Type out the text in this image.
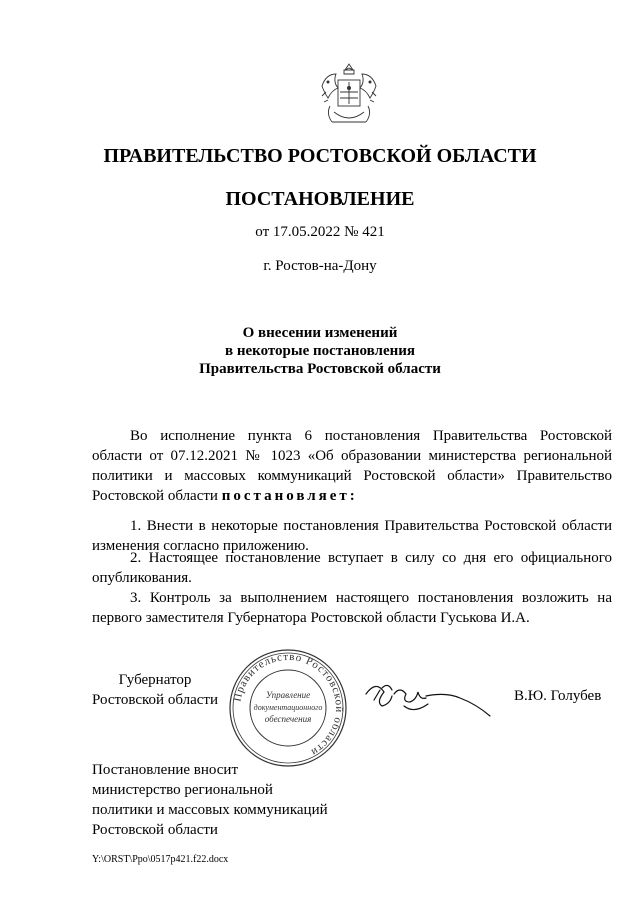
ПРАВИТЕЛЬСТВО РОСТОВСКОЙ ОБЛАСТИ
ПОСТАНОВЛЕНИЕ
от 17.05.2022 № 421
г. Ростов-на-Дону
О внесении изменений
в некоторые постановления
Правительства Ростовской области
Во исполнение пункта 6 постановления Правительства Ростовской области от 07.12.2021 № 1023 «Об образовании министерства региональной политики и массовых коммуникаций Ростовской области» Правительство Ростовской области постановляет:
1. Внести в некоторые постановления Правительства Ростовской области изменения согласно приложению.
2. Настоящее постановление вступает в силу со дня его официального опубликования.
3. Контроль за выполнением настоящего постановления возложить на первого заместителя Губернатора Ростовской области Гуськова И.А.
Губернатор
Ростовской области Правительство Ростовской области
Управление
документационного
обеспечения
В.Ю. Голубев
Постановление вносит
министерство региональной
политики и массовых коммуникаций
Ростовской области
Y:\ORST\Ppo\0517p421.f22.docx
